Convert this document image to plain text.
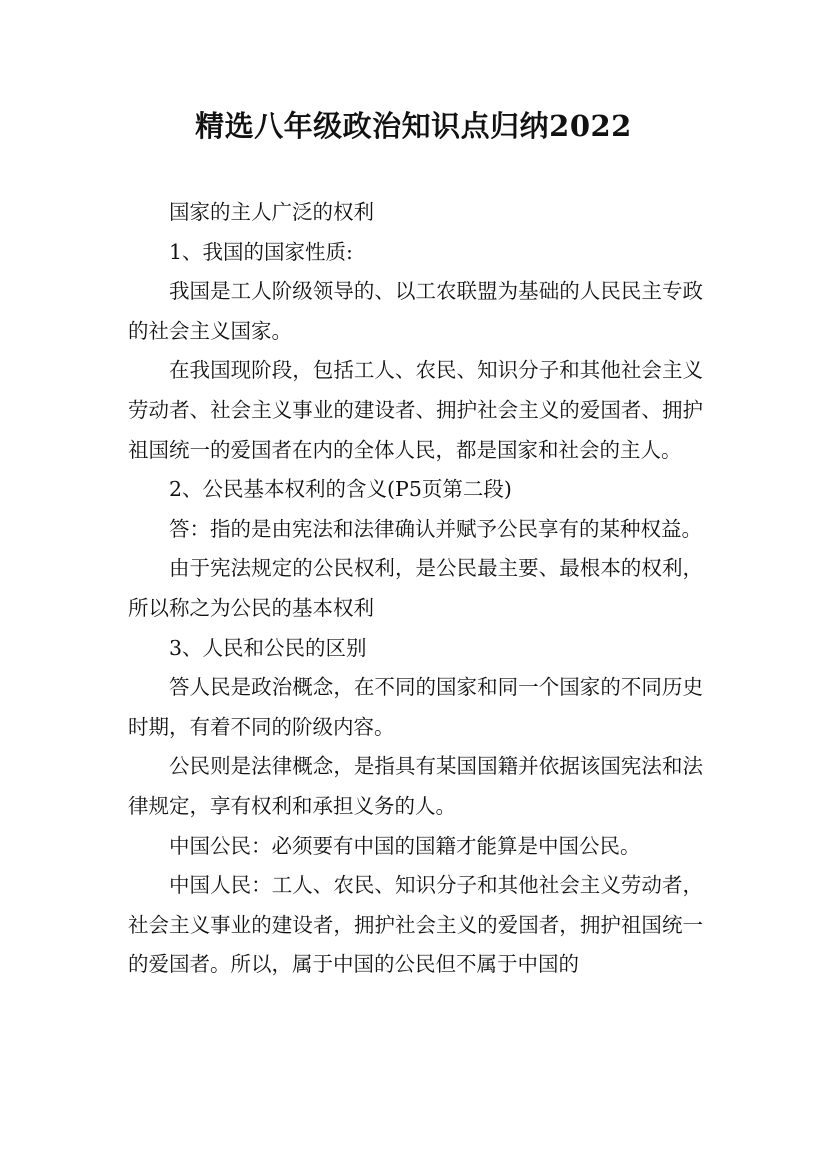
精选八年级政治知识点归纳2022

国家的主人广泛的权利

1、我国的国家性质:

我国是工人阶级领导的、以工农联盟为基础的人民民主专政的社会主义国家。

在我国现阶段，包括工人、农民、知识分子和其他社会主义劳动者、社会主义事业的建设者、拥护社会主义的爱国者、拥护祖国统一的爱国者在内的全体人民，都是国家和社会的主人。

2、公民基本权利的含义(P5页第二段)

答：指的是由宪法和法律确认并赋予公民享有的某种权益。

由于宪法规定的公民权利，是公民最主要、最根本的权利，所以称之为公民的基本权利

3、人民和公民的区别

答人民是政治概念，在不同的国家和同一个国家的不同历史时期，有着不同的阶级内容。

公民则是法律概念，是指具有某国国籍并依据该国宪法和法律规定，享有权利和承担义务的人。

中国公民：必须要有中国的国籍才能算是中国公民。

中国人民：工人、农民、知识分子和其他社会主义劳动者，社会主义事业的建设者，拥护社会主义的爱国者，拥护祖国统一的爱国者。所以，属于中国的公民但不属于中国的
